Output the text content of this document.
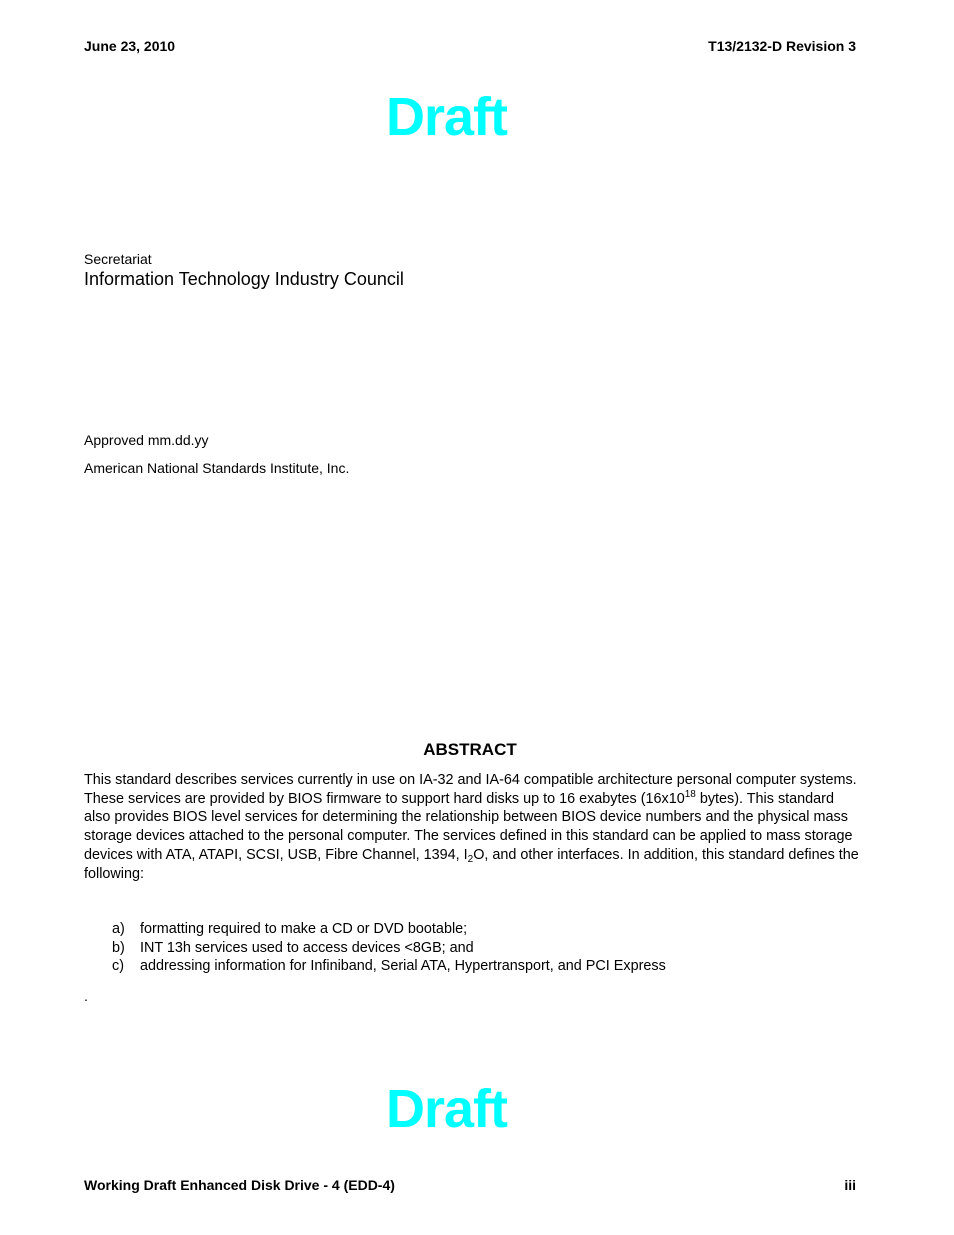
June 23, 2010	T13/2132-D Revision 3
Draft
Secretariat
Information Technology Industry Council
Approved mm.dd.yy
American National Standards Institute, Inc.
ABSTRACT
This standard describes services currently in use on IA-32 and IA-64 compatible architecture personal computer systems. These services are provided by BIOS firmware to support hard disks up to 16 exabytes ($16x10^{18}$ bytes). This standard also provides BIOS level services for determining the relationship between BIOS device numbers and the physical mass storage devices attached to the personal computer. The services defined in this standard can be applied to mass storage devices with ATA, ATAPI, SCSI, USB, Fibre Channel, 1394, $I_2O$, and other interfaces. In addition, this standard defines the following:
a)	formatting required to make a CD or DVD bootable;
b)	INT 13h services used to access devices <8GB; and
c)	addressing information for Infiniband, Serial ATA, Hypertransport, and PCI Express
.
Draft
Working Draft Enhanced Disk Drive - 4 (EDD-4)	iii
